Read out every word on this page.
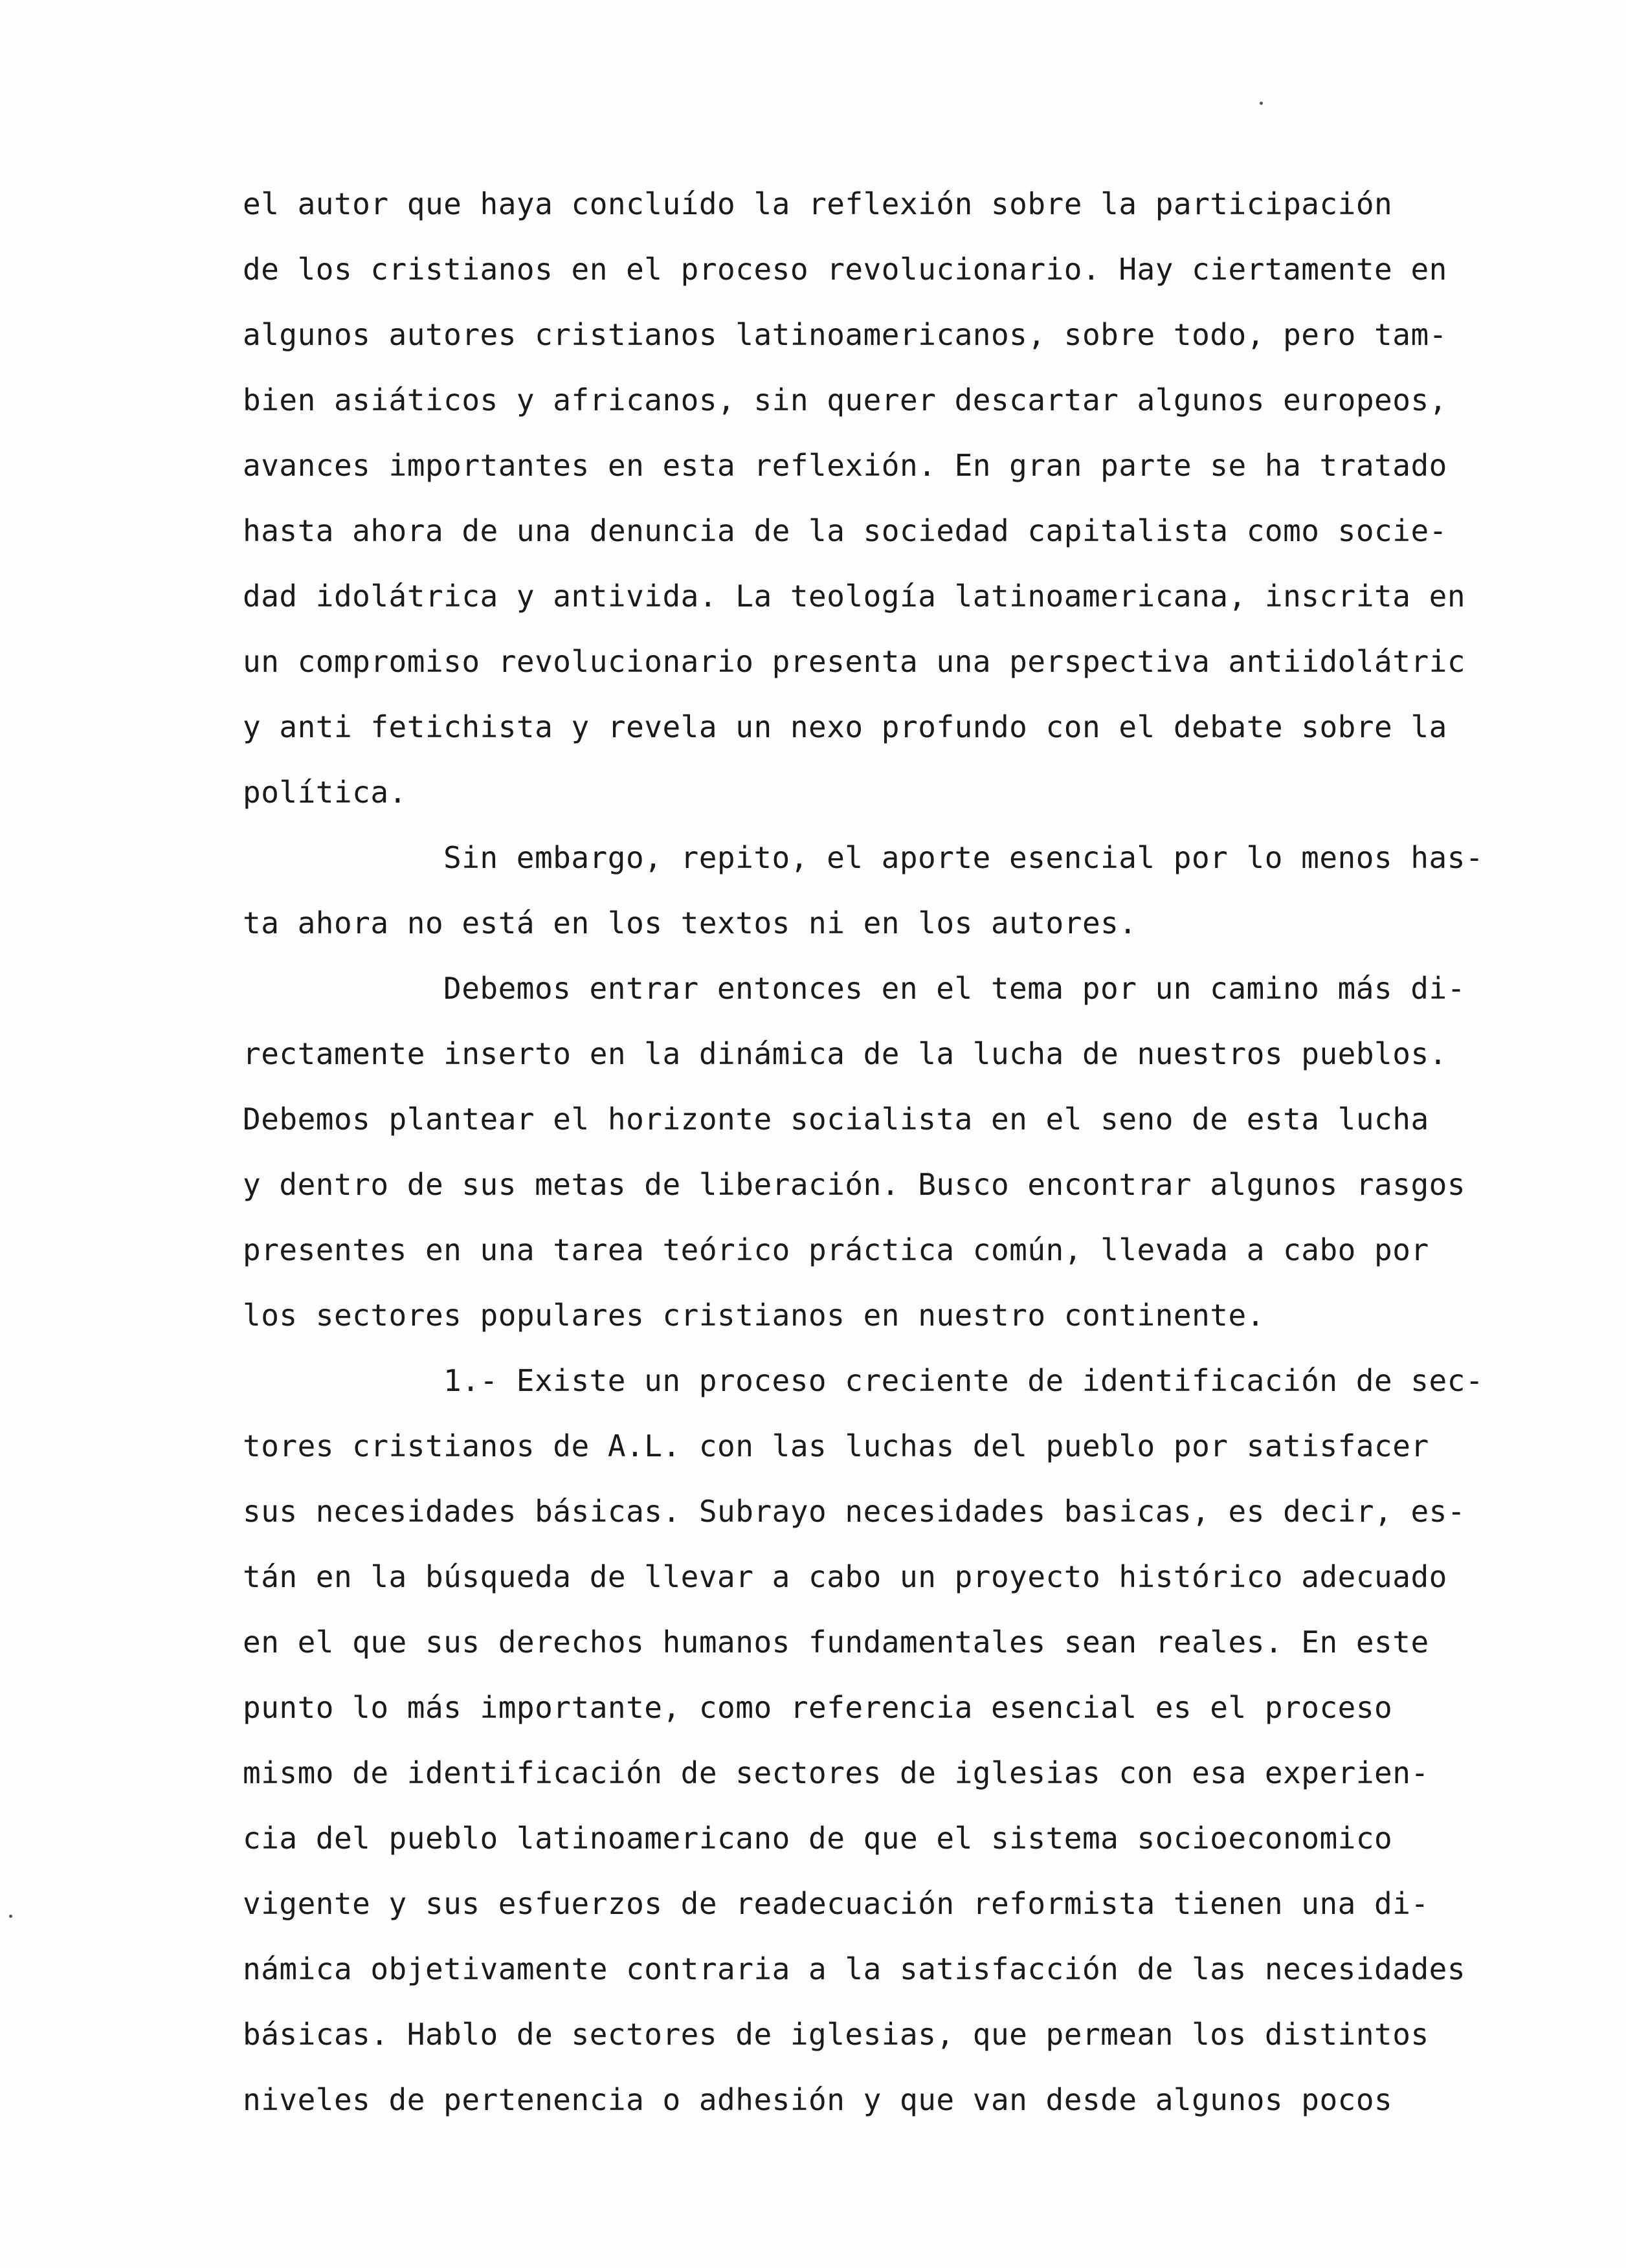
el autor que haya concluído la reflexión sobre la participación
de los cristianos en el proceso revolucionario. Hay ciertamente en
algunos autores cristianos latinoamericanos, sobre todo, pero tam-
bien asiáticos y africanos, sin querer descartar algunos europeos,
avances importantes en esta reflexión. En gran parte se ha tratado
hasta ahora de una denuncia de la sociedad capitalista como socie-
dad idolátrica y antivida. La teología latinoamericana, inscrita en
un compromiso revolucionario presenta una perspectiva antiidolátric
y anti fetichista y revela un nexo profundo con el debate sobre la
política.

Sin embargo, repito, el aporte esencial por lo menos has-
ta ahora no está en los textos ni en los autores.

Debemos entrar entonces en el tema por un camino más di-
rectamente inserto en la dinámica de la lucha de nuestros pueblos.
Debemos plantear el horizonte socialista en el seno de esta lucha
y dentro de sus metas de liberación. Busco encontrar algunos rasgos
presentes en una tarea teórico práctica común, llevada a cabo por
los sectores populares cristianos en nuestro continente.

1.- Existe un proceso creciente de identificación de sec-
tores cristianos de A.L. con las luchas del pueblo por satisfacer
sus necesidades básicas. Subrayo necesidades basicas, es decir, es-
tán en la búsqueda de llevar a cabo un proyecto histórico adecuado
en el que sus derechos humanos fundamentales sean reales. En este
punto lo más importante, como referencia esencial es el proceso
mismo de identificación de sectores de iglesias con esa experien-
cia del pueblo latinoamericano de que el sistema socioeconomico
vigente y sus esfuerzos de readecuación reformista tienen una di-
námica objetivamente contraria a la satisfacción de las necesidades
básicas. Hablo de sectores de iglesias, que permean los distintos
niveles de pertenencia o adhesión y que van desde algunos pocos
